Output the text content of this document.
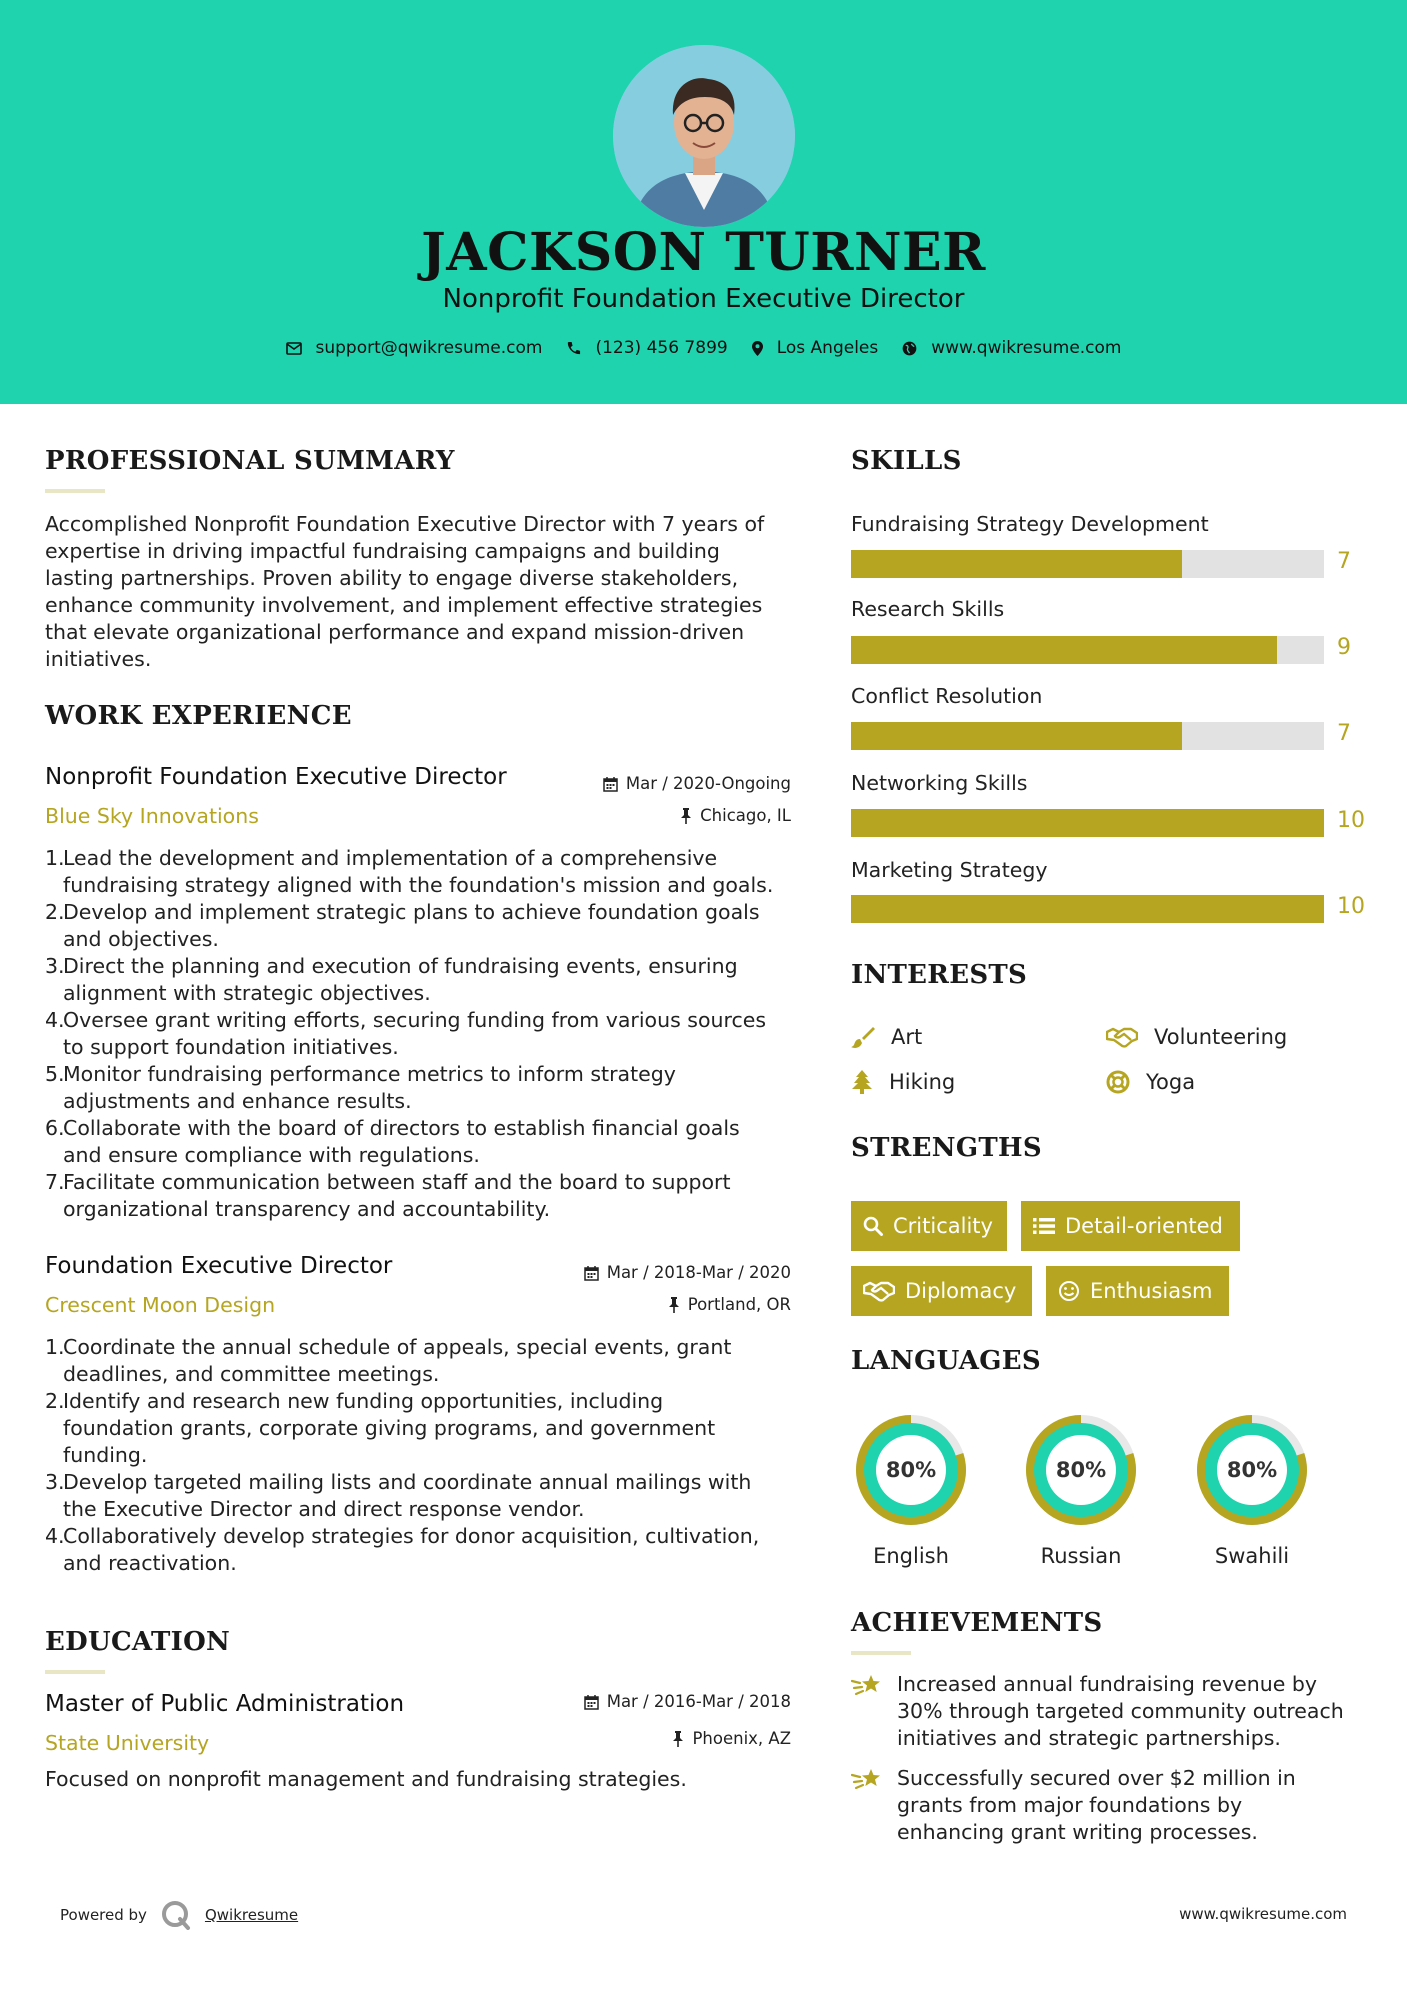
JACKSON TURNER
Nonprofit Foundation Executive Director
support@qwikresume.com	(123) 456 7899	Los Angeles	www.qwikresume.com
PROFESSIONAL SUMMARY
Accomplished Nonprofit Foundation Executive Director with 7 years of
expertise in driving impactful fundraising campaigns and building
lasting partnerships. Proven ability to engage diverse stakeholders,
enhance community involvement, and implement effective strategies
that elevate organizational performance and expand mission-driven
initiatives.
WORK EXPERIENCE
Nonprofit Foundation Executive Director	Mar / 2020-Ongoing
Blue Sky Innovations	Chicago, IL
1.
Lead the development and implementation of a comprehensive
fundraising strategy aligned with the foundation's mission and goals.
2.
Develop and implement strategic plans to achieve foundation goals
and objectives.
3.
Direct the planning and execution of fundraising events, ensuring
alignment with strategic objectives.
4.
Oversee grant writing efforts, securing funding from various sources
to support foundation initiatives.
5.
Monitor fundraising performance metrics to inform strategy
adjustments and enhance results.
6.
Collaborate with the board of directors to establish financial goals
and ensure compliance with regulations.
7.
Facilitate communication between staff and the board to support
organizational transparency and accountability.
Foundation Executive Director	Mar / 2018-Mar / 2020
Crescent Moon Design	Portland, OR
1.
Coordinate the annual schedule of appeals, special events, grant
deadlines, and committee meetings.
2.
Identify and research new funding opportunities, including
foundation grants, corporate giving programs, and government
funding.
3.
Develop targeted mailing lists and coordinate annual mailings with
the Executive Director and direct response vendor.
4.
Collaboratively develop strategies for donor acquisition, cultivation,
and reactivation.
EDUCATION
Master of Public Administration	Mar / 2016-Mar / 2018
State University	Phoenix, AZ
Focused on nonprofit management and fundraising strategies.
SKILLS
Fundraising Strategy Development
7
Research Skills
9
Conflict Resolution
7
Networking Skills
10
Marketing Strategy
10
INTERESTS
Art	Volunteering
Hiking	Yoga
STRENGTHS
Criticality	Detail-oriented
Diplomacy	Enthusiasm
LANGUAGES
80%
English
80%
Russian
80%
Swahili
ACHIEVEMENTS
Increased annual fundraising revenue by
30% through targeted community outreach
initiatives and strategic partnerships.
Successfully secured over $2 million in
grants from major foundations by
enhancing grant writing processes.
Powered by	Qwikresume	www.qwikresume.com
